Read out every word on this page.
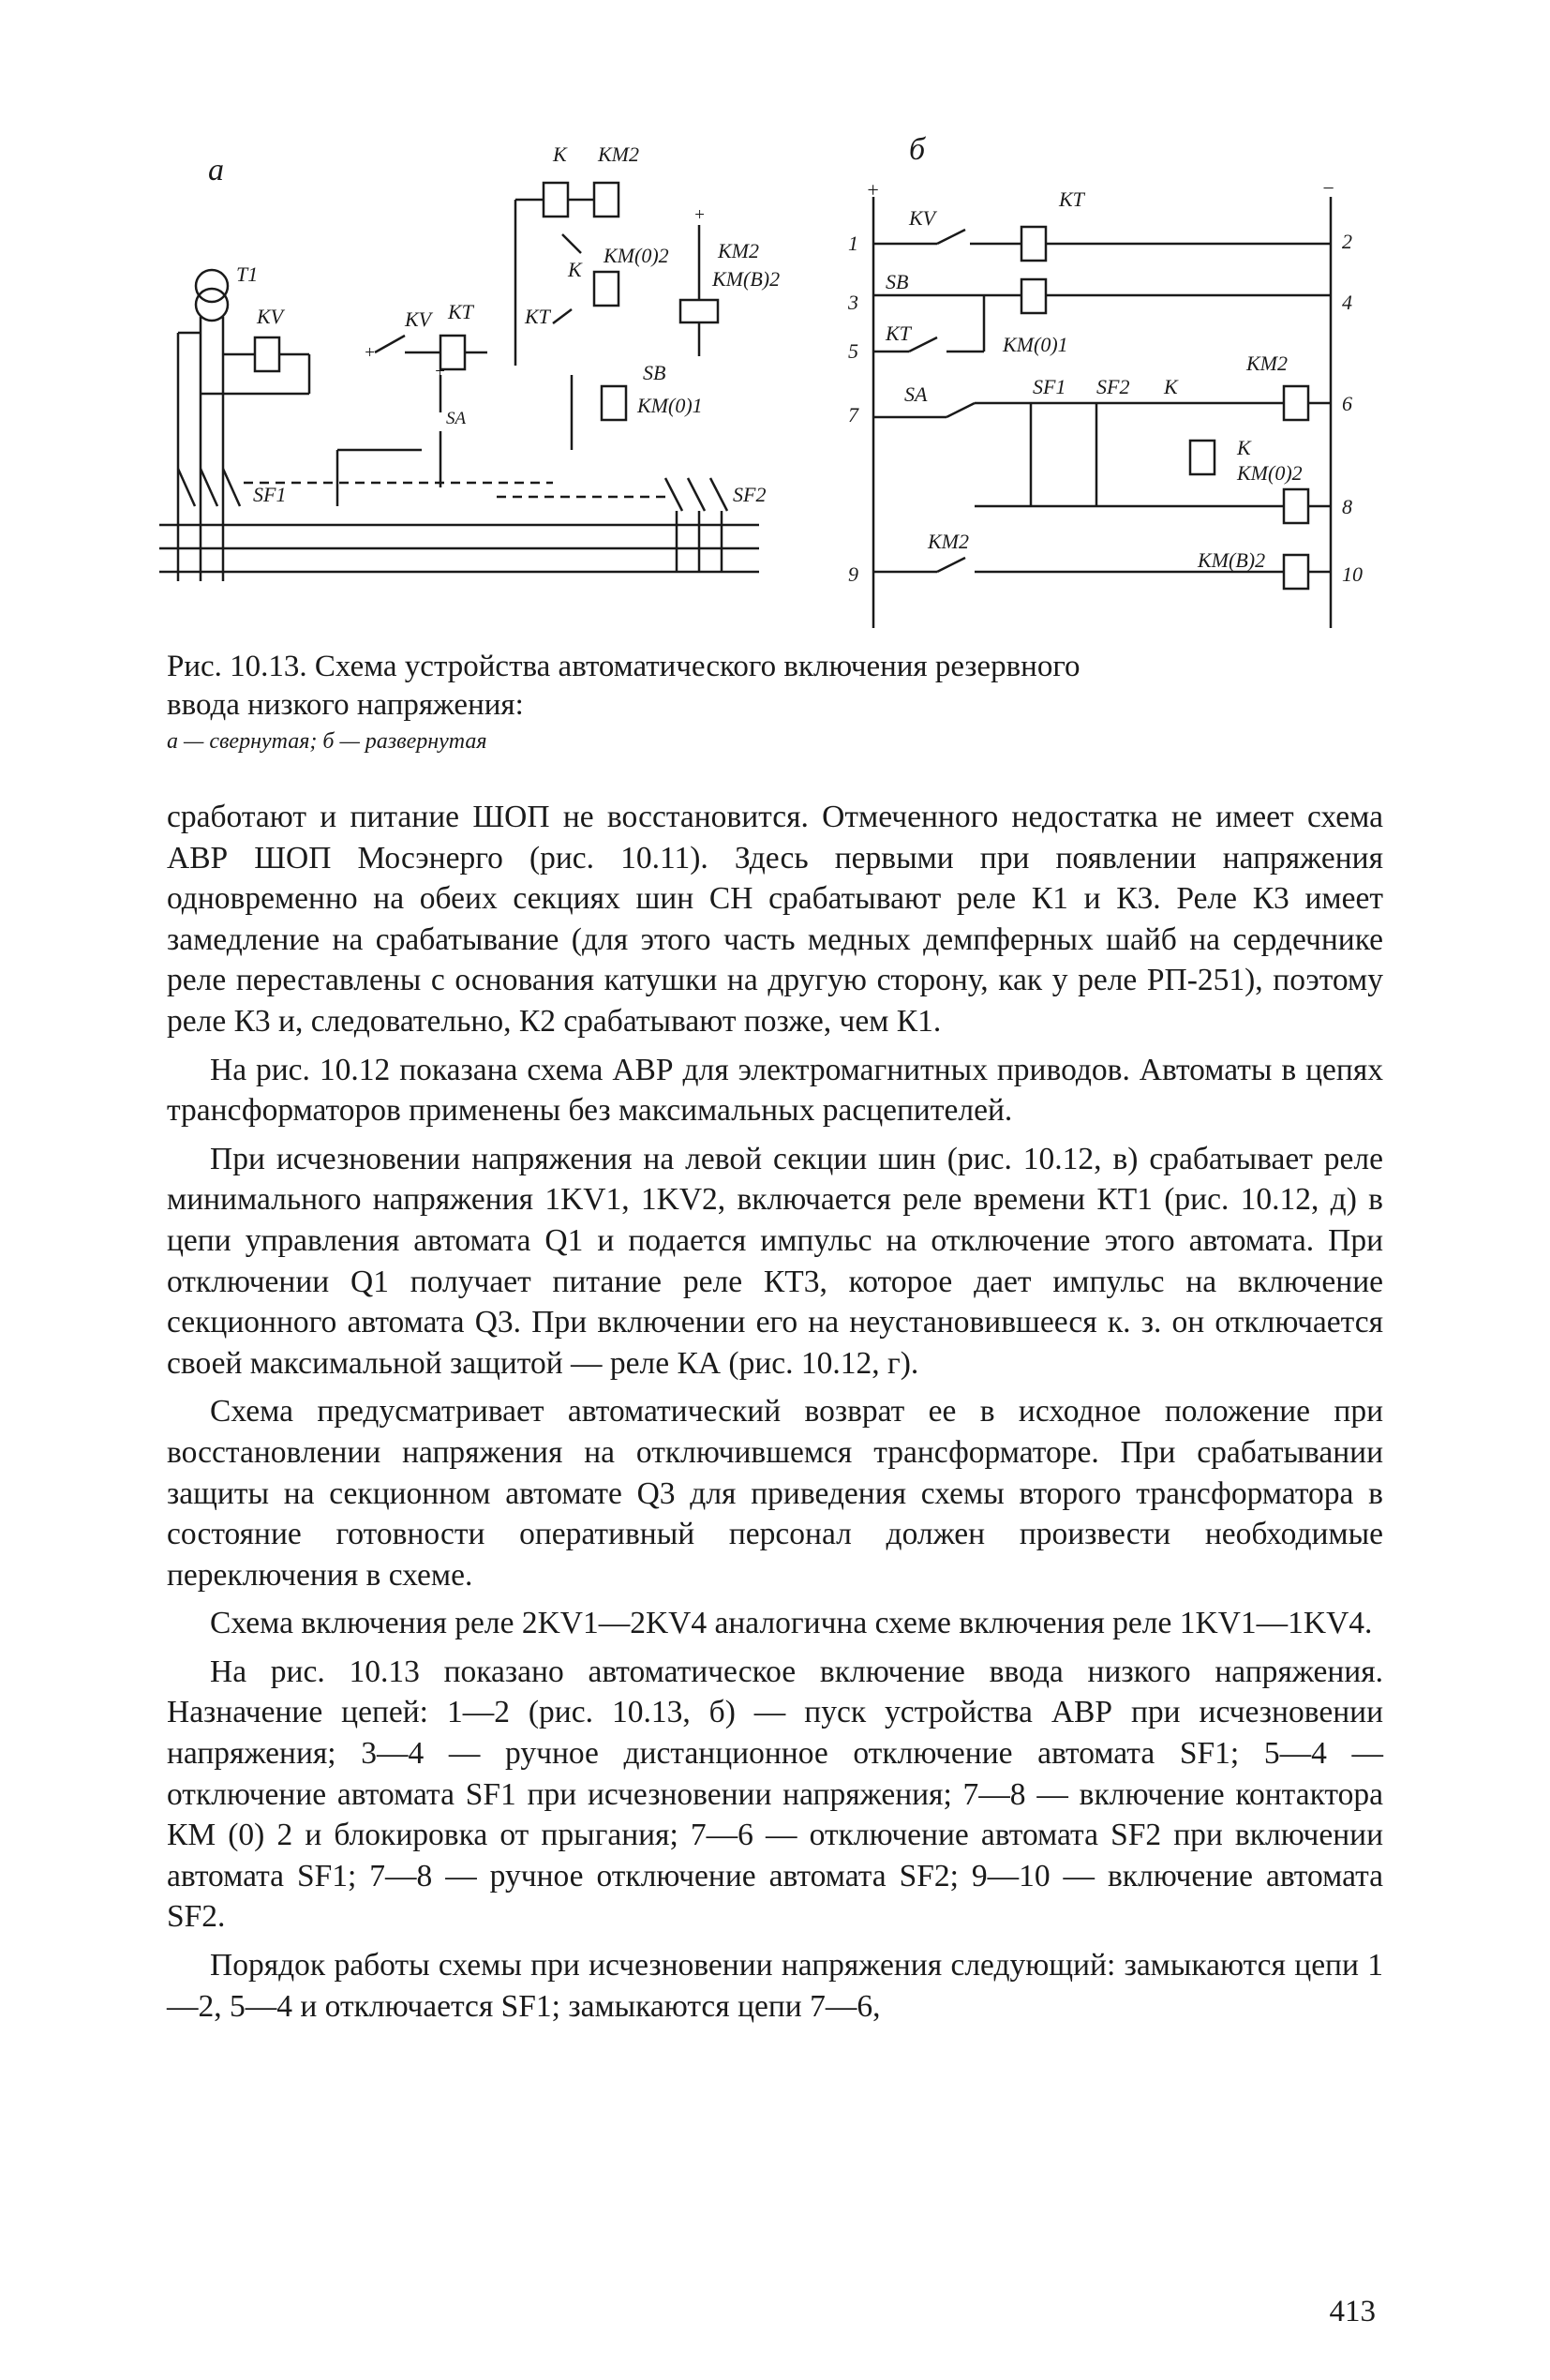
а
T1
KV
SF1
KV KT
+
+
SA
K KM2
KM(0)2
K
KT
SB
KM(0)1
KM2
KM(B)2
+
SF2
б
+	−
1
KV
KT
2
3
SB
4
5
KT	KM(0)1
7
SA	SF1 SF2 K
KM2
6
K
KM(0)2
8
9
KM2
KM(B)2
10
Рис. 10.13. Схема устройства автоматического включения резервного
ввода низкого напряжения:
а — свернутая; б — развернутая

сработают и питание ШОП не восстановится. Отмеченного недостатка не имеет схема АВР ШОП Мосэнерго (рис. 10.11). Здесь первыми при появлении напряжения одновременно на обеих секциях шин СН срабатывают реле К1 и К3. Реле К3 имеет замедление на срабатывание (для этого часть медных демпферных шайб на сердечнике реле переставлены с основания катушки на другую сторону, как у реле РП-251), поэтому реле К3 и, следовательно, К2 срабатывают позже, чем К1.

На рис. 10.12 показана схема АВР для электромагнитных приводов. Автоматы в цепях трансформаторов применены без максимальных расцепителей.

При исчезновении напряжения на левой секции шин (рис. 10.12, в) срабатывает реле минимального напряжения 1KV1, 1KV2, включается реле времени КТ1 (рис. 10.12, д) в цепи управления автомата Q1 и подается импульс на отключение этого автомата. При отключении Q1 получает питание реле КТ3, которое дает импульс на включение секционного автомата Q3. При включении его на неустановившееся к. з. он отключается своей максимальной защитой — реле КА (рис. 10.12, г).

Схема предусматривает автоматический возврат ее в исходное положение при восстановлении напряжения на отключившемся трансформаторе. При срабатывании защиты на секционном автомате Q3 для приведения схемы второго трансформатора в состояние готовности оперативный персонал должен произвести необходимые переключения в схеме.

Схема включения реле 2KV1—2KV4 аналогична схеме включения реле 1KV1—1KV4.

На рис. 10.13 показано автоматическое включение ввода низкого напряжения. Назначение цепей: 1—2 (рис. 10.13, б) — пуск устройства АВР при исчезновении напряжения; 3—4 — ручное дистанционное отключение автомата SF1; 5—4 — отключение автомата SF1 при исчезновении напряжения; 7—8 — включение контактора КМ (0) 2 и блокировка от прыгания; 7—6 — отключение автомата SF2 при включении автомата SF1; 7—8 — ручное отключение автомата SF2; 9—10 — включение автомата SF2.

Порядок работы схемы при исчезновении напряжения следующий: замыкаются цепи 1—2, 5—4 и отключается SF1; замыкаются цепи 7—6,

413
